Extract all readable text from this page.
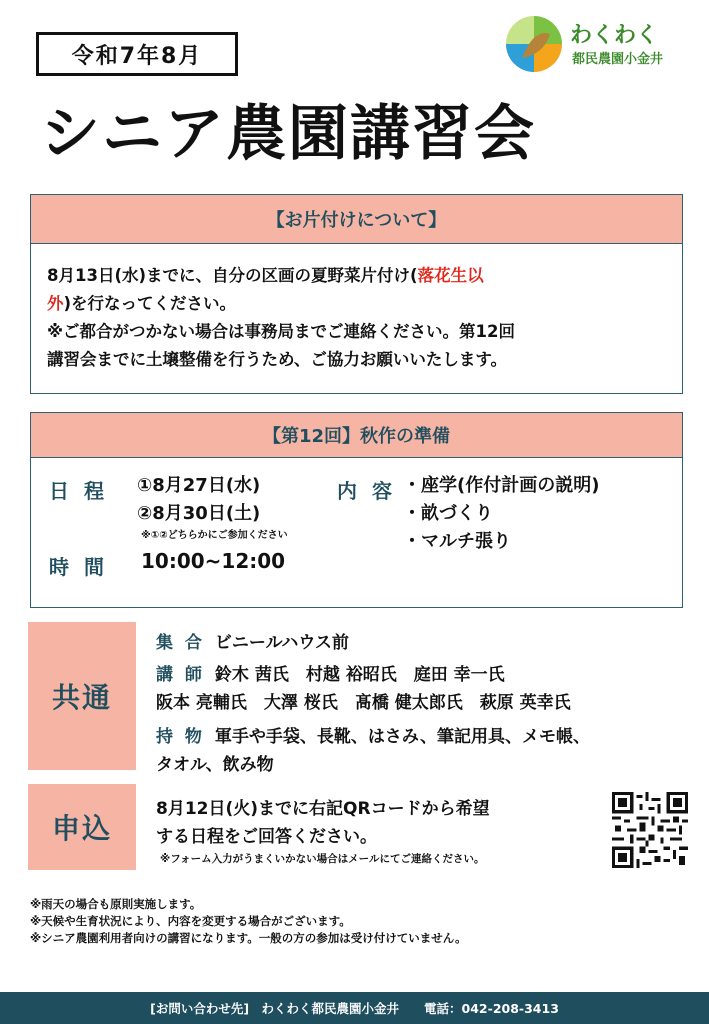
令和7年8月
シニア農園講習会
わくわく
都民農園小金井
【お片付けについて】
8月13日(水)までに、自分の区画の夏野菜片付け(落花生以
外)を行なってください。
※ご都合がつかない場合は事務局までご連絡ください。第12回
講習会までに土壌整備を行うため、ご協力お願いいたします。
【第12回】秋作の準備
日 程 ①8月27日(水)
②8月30日(土)
※①②どちらかにご参加ください
時 間 10:00~12:00
内 容 ・座学(作付計画の説明)
・畝づくり
・マルチ張り
共通
集 合 ビニールハウス前
講 師 鈴木 茜氏　村越 裕昭氏　庭田 幸一氏
阪本 亮輔氏　大澤 桜氏　髙橋 健太郎氏　萩原 英幸氏
持 物 軍手や手袋、長靴、はさみ、筆記用具、メモ帳、
タオル、飲み物
申込
8月12日(火)までに右記QRコードから希望
する日程をご回答ください。
※フォーム入力がうまくいかない場合はメールにてご連絡ください。
※雨天の場合も原則実施します。
※天候や生育状況により、内容を変更する場合がございます。
※シニア農園利用者向けの講習になります。一般の方の参加は受け付けていません。
[お問い合わせ先]　わくわく都民農園小金井　　電話：042-208-3413
